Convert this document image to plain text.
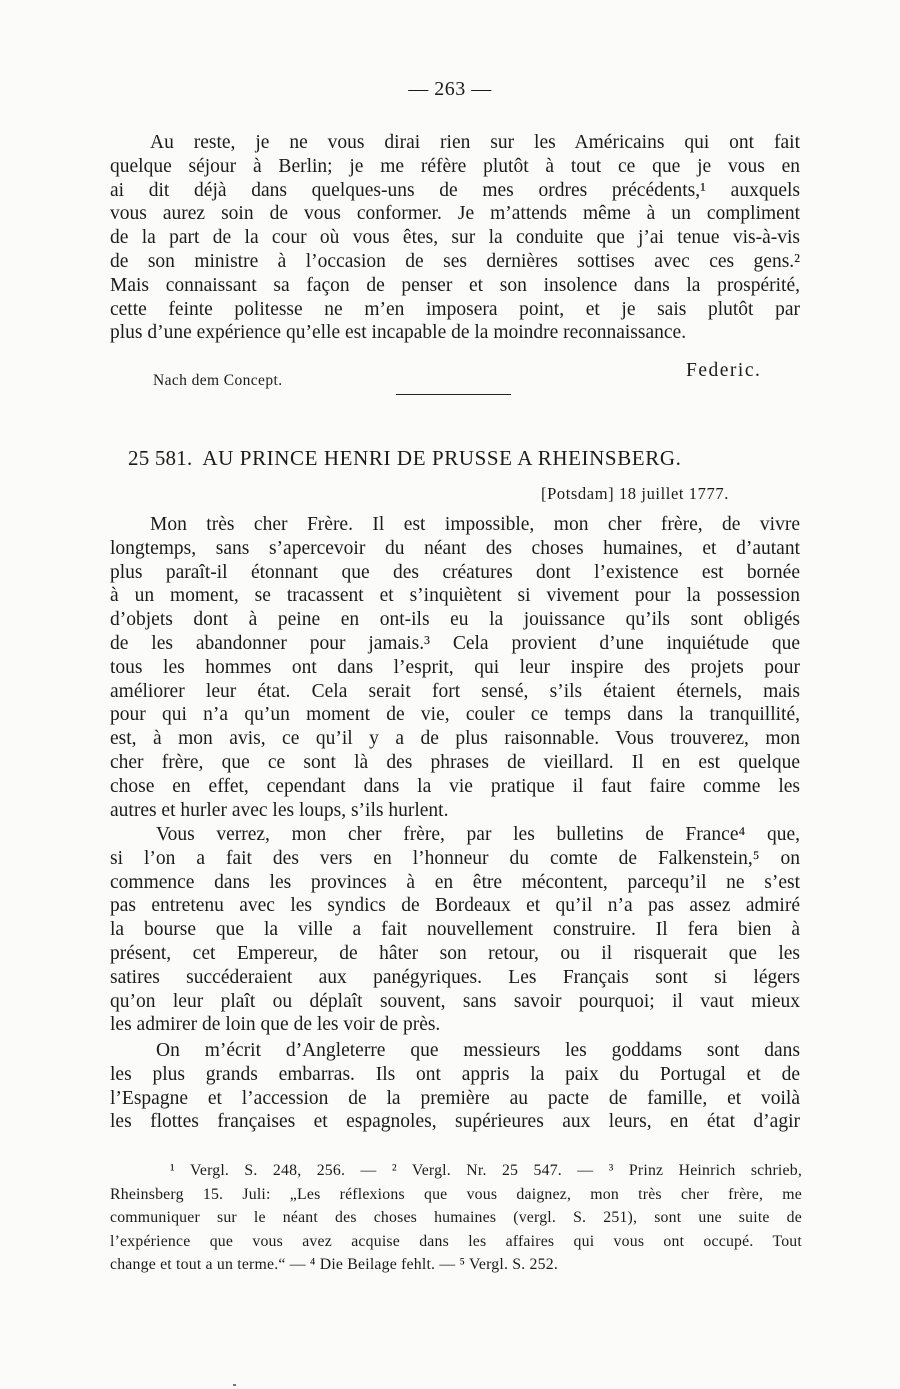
— 263 —
Au reste, je ne vous dirai rien sur les Américains qui ont fait
quelque séjour à Berlin; je me réfère plutôt à tout ce que je vous en
ai dit déjà dans quelques-uns de mes ordres précédents,¹ auxquels
vous aurez soin de vous conformer. Je m’attends même à un compliment
de la part de la cour où vous êtes, sur la conduite que j’ai tenue vis-à-vis
de son ministre à l’occasion de ses dernières sottises avec ces gens.²
Mais connaissant sa façon de penser et son insolence dans la prospérité,
cette feinte politesse ne m’en imposera point, et je sais plutôt par
plus d’une expérience qu’elle est incapable de la moindre reconnaissance.
Nach dem Concept.	Federic.
25 581. AU PRINCE HENRI DE PRUSSE A RHEINSBERG.
[Potsdam] 18 juillet 1777.
Mon très cher Frère. Il est impossible, mon cher frère, de vivre
longtemps, sans s’apercevoir du néant des choses humaines, et d’autant
plus paraît-il étonnant que des créatures dont l’existence est bornée
à un moment, se tracassent et s’inquiètent si vivement pour la possession
d’objets dont à peine en ont-ils eu la jouissance qu’ils sont obligés
de les abandonner pour jamais.³ Cela provient d’une inquiétude que
tous les hommes ont dans l’esprit, qui leur inspire des projets pour
améliorer leur état. Cela serait fort sensé, s’ils étaient éternels, mais
pour qui n’a qu’un moment de vie, couler ce temps dans la tranquillité,
est, à mon avis, ce qu’il y a de plus raisonnable. Vous trouverez, mon
cher frère, que ce sont là des phrases de vieillard. Il en est quelque
chose en effet, cependant dans la vie pratique il faut faire comme les
autres et hurler avec les loups, s’ils hurlent.
Vous verrez, mon cher frère, par les bulletins de France⁴ que,
si l’on a fait des vers en l’honneur du comte de Falkenstein,⁵ on
commence dans les provinces à en être mécontent, parcequ’il ne s’est
pas entretenu avec les syndics de Bordeaux et qu’il n’a pas assez admiré
la bourse que la ville a fait nouvellement construire. Il fera bien à
présent, cet Empereur, de hâter son retour, ou il risquerait que les
satires succéderaient aux panégyriques. Les Français sont si légers
qu’on leur plaît ou déplaît souvent, sans savoir pourquoi; il vaut mieux
les admirer de loin que de les voir de près.
On m’écrit d’Angleterre que messieurs les goddams sont dans
les plus grands embarras. Ils ont appris la paix du Portugal et de
l’Espagne et l’accession de la première au pacte de famille, et voilà
les flottes françaises et espagnoles, supérieures aux leurs, en état d’agir
¹ Vergl. S. 248, 256. — ² Vergl. Nr. 25 547. — ³ Prinz Heinrich schrieb,
Rheinsberg 15. Juli: „Les réflexions que vous daignez, mon très cher frère, me
communiquer sur le néant des choses humaines (vergl. S. 251), sont une suite de
l’expérience que vous avez acquise dans les affaires qui vous ont occupé. Tout
change et tout a un terme.“ — ⁴ Die Beilage fehlt. — ⁵ Vergl. S. 252.
